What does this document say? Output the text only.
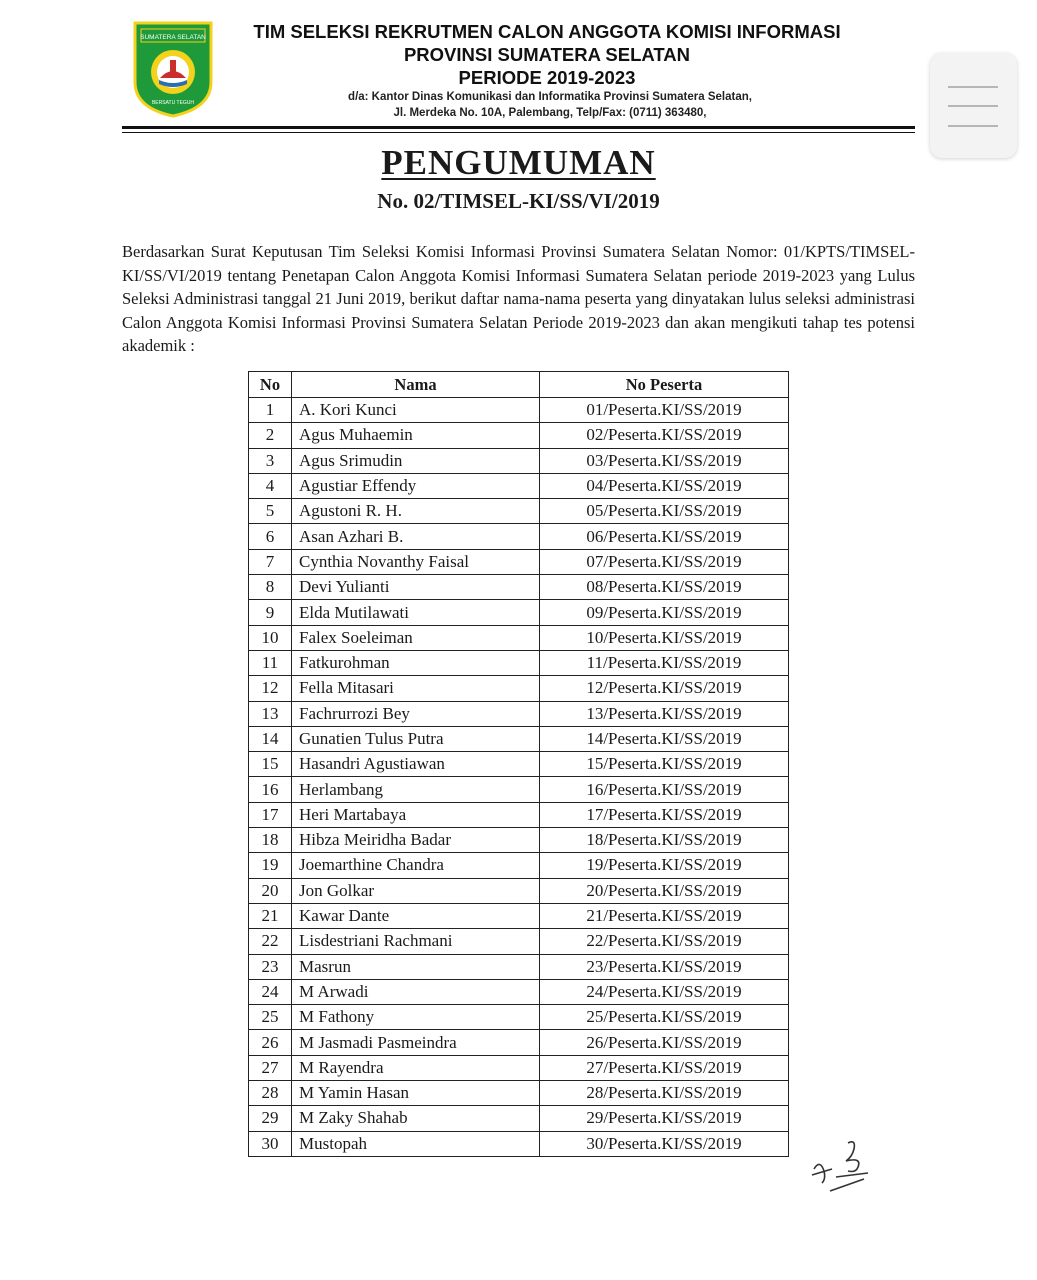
SUMATERA SELATAN
BERSATU TEGUH
TIM SELEKSI REKRUTMEN CALON ANGGOTA KOMISI INFORMASI
PROVINSI SUMATERA SELATAN
PERIODE 2019-2023
d/a: Kantor Dinas Komunikasi dan Informatika Provinsi Sumatera Selatan,
Jl. Merdeka No. 10A, Palembang, Telp/Fax: (0711) 363480,
PENGUMUMAN
No. 02/TIMSEL-KI/SS/VI/2019
Berdasarkan Surat Keputusan Tim Seleksi Komisi Informasi Provinsi Sumatera Selatan Nomor: 01/KPTS/TIMSEL-KI/SS/VI/2019 tentang Penetapan Calon Anggota Komisi Informasi Sumatera Selatan periode 2019-2023 yang Lulus Seleksi Administrasi tanggal 21 Juni 2019, berikut daftar nama-nama peserta yang dinyatakan lulus seleksi administrasi Calon Anggota Komisi Informasi Provinsi Sumatera Selatan Periode 2019-2023 dan akan mengikuti tahap tes potensi akademik :
No	Nama	No Peserta
1	A. Kori Kunci	01/Peserta.KI/SS/2019
2	Agus Muhaemin	02/Peserta.KI/SS/2019
3	Agus Srimudin	03/Peserta.KI/SS/2019
4	Agustiar Effendy	04/Peserta.KI/SS/2019
5	Agustoni R. H.	05/Peserta.KI/SS/2019
6	Asan Azhari B.	06/Peserta.KI/SS/2019
7	Cynthia Novanthy Faisal	07/Peserta.KI/SS/2019
8	Devi Yulianti	08/Peserta.KI/SS/2019
9	Elda Mutilawati	09/Peserta.KI/SS/2019
10	Falex Soeleiman	10/Peserta.KI/SS/2019
11	Fatkurohman	11/Peserta.KI/SS/2019
12	Fella Mitasari	12/Peserta.KI/SS/2019
13	Fachrurrozi Bey	13/Peserta.KI/SS/2019
14	Gunatien Tulus Putra	14/Peserta.KI/SS/2019
15	Hasandri Agustiawan	15/Peserta.KI/SS/2019
16	Herlambang	16/Peserta.KI/SS/2019
17	Heri Martabaya	17/Peserta.KI/SS/2019
18	Hibza Meiridha Badar	18/Peserta.KI/SS/2019
19	Joemarthine Chandra	19/Peserta.KI/SS/2019
20	Jon Golkar	20/Peserta.KI/SS/2019
21	Kawar Dante	21/Peserta.KI/SS/2019
22	Lisdestriani Rachmani	22/Peserta.KI/SS/2019
23	Masrun	23/Peserta.KI/SS/2019
24	M Arwadi	24/Peserta.KI/SS/2019
25	M Fathony	25/Peserta.KI/SS/2019
26	M Jasmadi Pasmeindra	26/Peserta.KI/SS/2019
27	M Rayendra	27/Peserta.KI/SS/2019
28	M Yamin Hasan	28/Peserta.KI/SS/2019
29	M Zaky Shahab	29/Peserta.KI/SS/2019
30	Mustopah	30/Peserta.KI/SS/2019
